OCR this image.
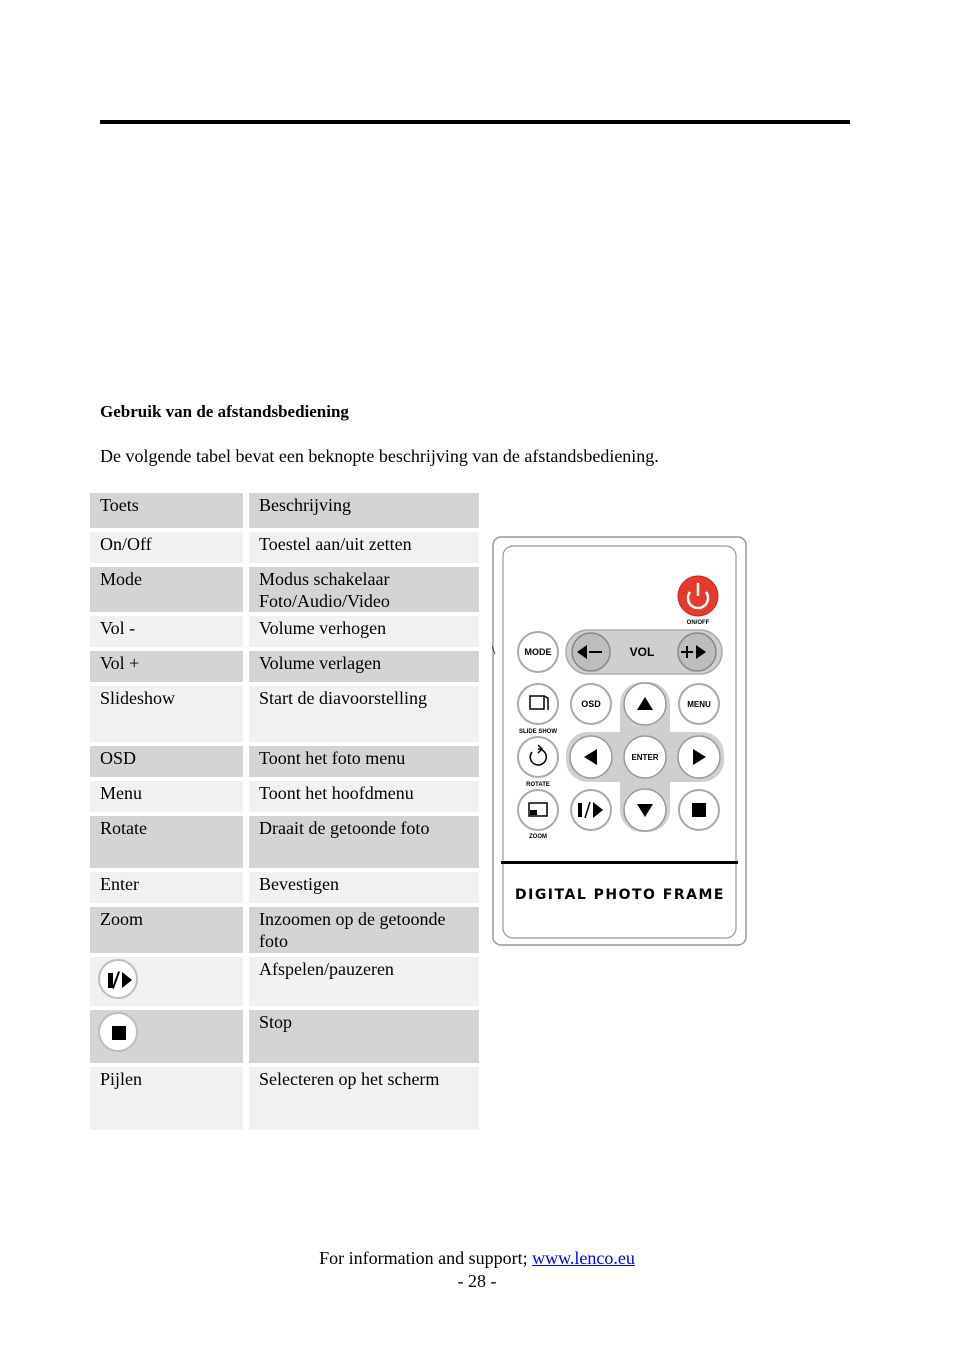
Gebruik van de afstandsbediening
De volgende tabel bevat een beknopte beschrijving van de afstandsbediening.
Toets	Beschrijving
On/Off	Toestel aan/uit zetten
Mode	Modus schakelaar Foto/Audio/Video
Vol -	Volume verhogen
Vol +	Volume verlagen
Slideshow	Start de diavoorstelling
OSD	Toont het foto menu
Menu	Toont het hoofdmenu
Rotate	Draait de getoonde foto
Enter	Bevestigen
Zoom	Inzoomen op de getoonde foto

	Afspelen/pauzeren
	Stop
Pijlen	Selecteren op het scherm
ON/OFF
MODE	VOL
ENTER
OSD	MENU
SLIDE SHOW
ROTATE
ZOOM
DIGITAL PHOTO FRAME
For information and support; www.lenco.eu
- 28 -
